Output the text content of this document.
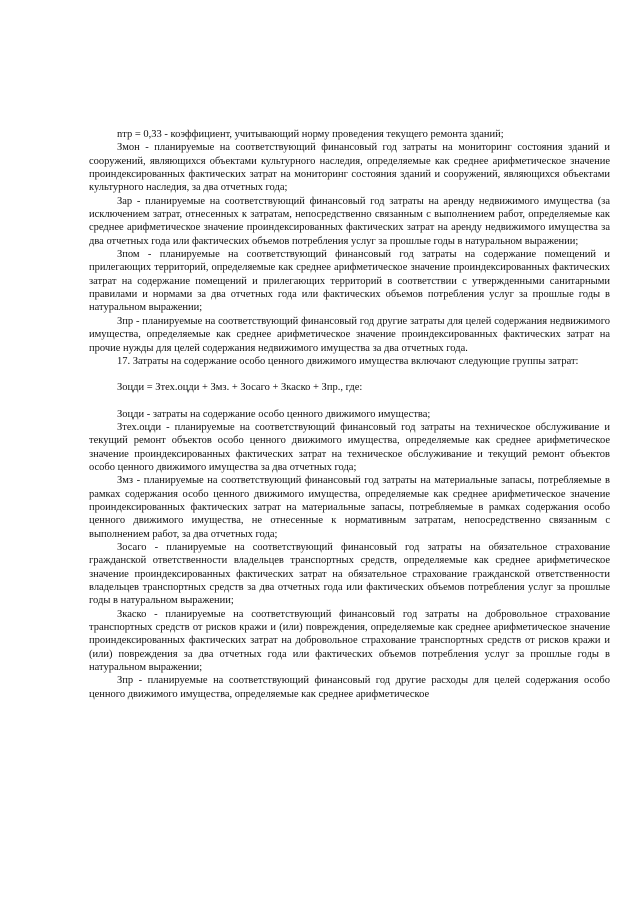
nтр = 0,33 - коэффициент, учитывающий норму проведения текущего ремонта зданий;

Змон - планируемые на соответствующий финансовый год затраты на мониторинг состояния зданий и сооружений, являющихся объектами культурного наследия, определяемые как среднее арифметическое значение проиндексированных фактических затрат на мониторинг состояния зданий и сооружений, являющихся объектами культурного наследия, за два отчетных года;

Зар - планируемые на соответствующий финансовый год затраты на аренду недвижимого имущества (за исключением затрат, отнесенных к затратам, непосредственно связанным с выполнением работ, определяемые как среднее арифметическое значение проиндексированных фактических затрат на аренду недвижимого имущества за два отчетных года или фактических объемов потребления услуг за прошлые годы в натуральном выражении;

Зпом - планируемые на соответствующий финансовый год затраты на содержание помещений и прилегающих территорий, определяемые как среднее арифметическое значение проиндексированных фактических затрат на содержание помещений и прилегающих территорий в соответствии с утвержденными санитарными правилами и нормами за два отчетных года или фактических объемов потребления услуг за прошлые годы в натуральном выражении;

Зпр - планируемые на соответствующий финансовый год другие затраты для целей содержания недвижимого имущества, определяемые как среднее арифметическое значение проиндексированных фактических затрат на прочие нужды для целей содержания недвижимого имущества за два отчетных года.

17. Затраты на содержание особо ценного движимого имущества включают следующие группы затрат:

Зоцди = Зтех.оцди + Змз. + Зосаго + Зкаско + Зпр., где:

Зоцди - затраты на содержание особо ценного движимого имущества;

Зтех.оцди - планируемые на соответствующий финансовый год затраты на техническое обслуживание и текущий ремонт объектов особо ценного движимого имущества, определяемые как среднее арифметическое значение проиндексированных фактических затрат на техническое обслуживание и текущий ремонт объектов особо ценного движимого имущества за два отчетных года;

Змз - планируемые на соответствующий финансовый год затраты на материальные запасы, потребляемые в рамках содержания особо ценного движимого имущества, определяемые как среднее арифметическое значение проиндексированных фактических затрат на материальные запасы, потребляемые в рамках содержания особо ценного движимого имущества, не отнесенные к нормативным затратам, непосредственно связанным с выполнением работ, за два отчетных года;

Зосаго - планируемые на соответствующий финансовый год затраты на обязательное страхование гражданской ответственности владельцев транспортных средств, определяемые как среднее арифметическое значение проиндексированных фактических затрат на обязательное страхование гражданской ответственности владельцев транспортных средств за два отчетных года или фактических объемов потребления услуг за прошлые годы в натуральном выражении;

Зкаско - планируемые на соответствующий финансовый год затраты на добровольное страхование транспортных средств от рисков кражи и (или) повреждения, определяемые как среднее арифметическое значение проиндексированных фактических затрат на добровольное страхование транспортных средств от рисков кражи и (или) повреждения за два отчетных года или фактических объемов потребления услуг за прошлые годы в натуральном выражении;

Зпр - планируемые на соответствующий финансовый год другие расходы для целей содержания особо ценного движимого имущества, определяемые как среднее арифметическое
